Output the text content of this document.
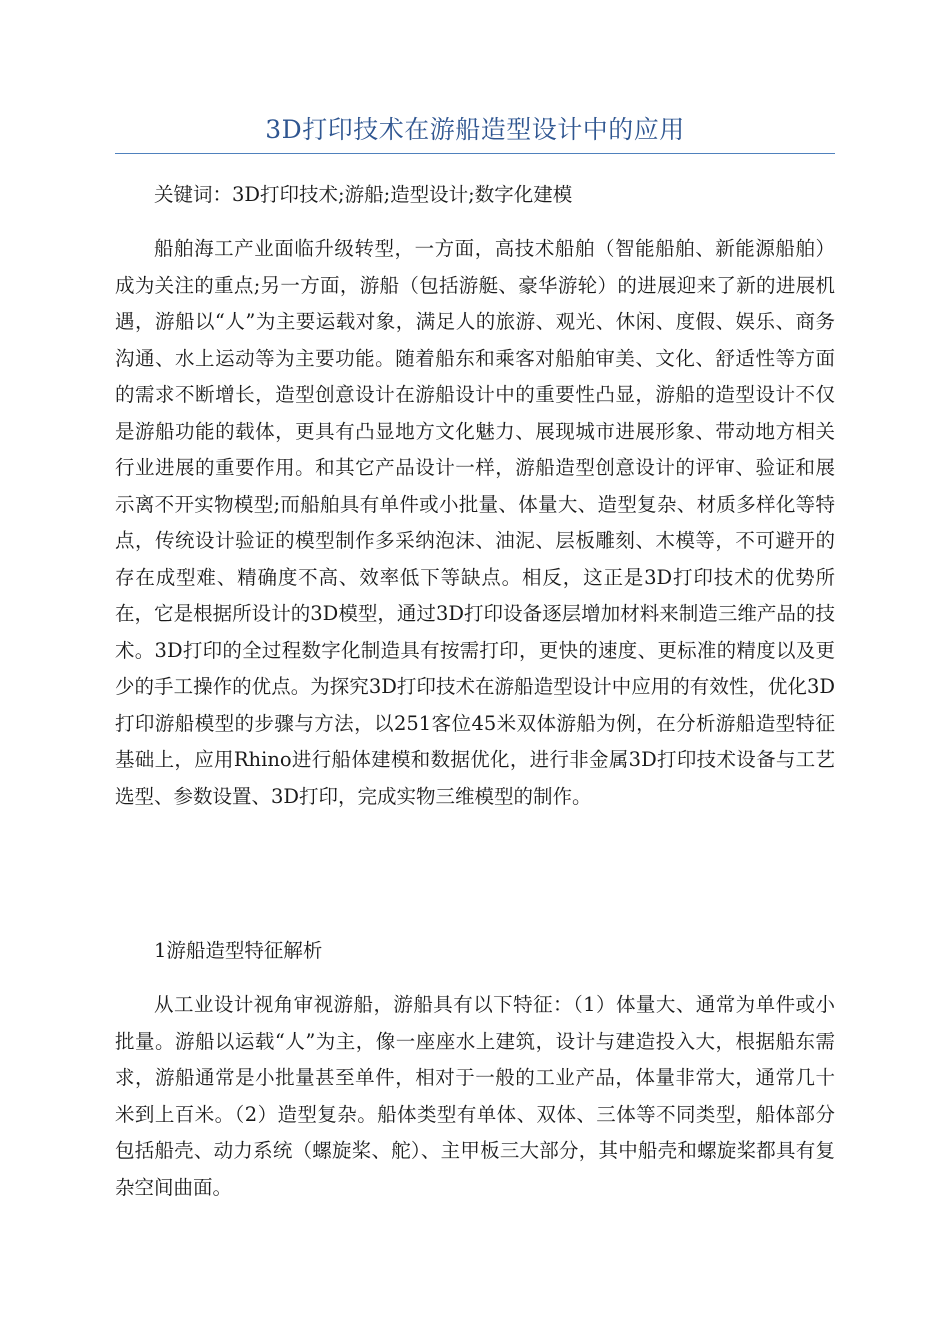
3D打印技术在游船造型设计中的应用

关键词：3D打印技术;游船;造型设计;数字化建模

船舶海工产业面临升级转型，一方面，高技术船舶（智能船舶、新能源船舶）成为关注的重点;另一方面，游船（包括游艇、豪华游轮）的进展迎来了新的进展机遇，游船以“人”为主要运载对象，满足人的旅游、观光、休闲、度假、娱乐、商务沟通、水上运动等为主要功能。随着船东和乘客对船舶审美、文化、舒适性等方面的需求不断增长，造型创意设计在游船设计中的重要性凸显，游船的造型设计不仅是游船功能的载体，更具有凸显地方文化魅力、展现城市进展形象、带动地方相关行业进展的重要作用。和其它产品设计一样，游船造型创意设计的评审、验证和展示离不开实物模型;而船舶具有单件或小批量、体量大、造型复杂、材质多样化等特点，传统设计验证的模型制作多采纳泡沫、油泥、层板雕刻、木模等，不可避开的存在成型难、精确度不高、效率低下等缺点。相反，这正是3D打印技术的优势所在，它是根据所设计的3D模型，通过3D打印设备逐层增加材料来制造三维产品的技术。3D打印的全过程数字化制造具有按需打印，更快的速度、更标准的精度以及更少的手工操作的优点。为探究3D打印技术在游船造型设计中应用的有效性，优化3D打印游船模型的步骤与方法，以251客位45米双体游船为例，在分析游船造型特征基础上，应用Rhino进行船体建模和数据优化，进行非金属3D打印技术设备与工艺选型、参数设置、3D打印，完成实物三维模型的制作。

1游船造型特征解析

从工业设计视角审视游船，游船具有以下特征：（1）体量大、通常为单件或小批量。游船以运载“人”为主，像一座座水上建筑，设计与建造投入大，根据船东需求，游船通常是小批量甚至单件，相对于一般的工业产品，体量非常大，通常几十米到上百米。（2）造型复杂。船体类型有单体、双体、三体等不同类型，船体部分包括船壳、动力系统（螺旋桨、舵）、主甲板三大部分，其中船壳和螺旋桨都具有复杂空间曲面。
